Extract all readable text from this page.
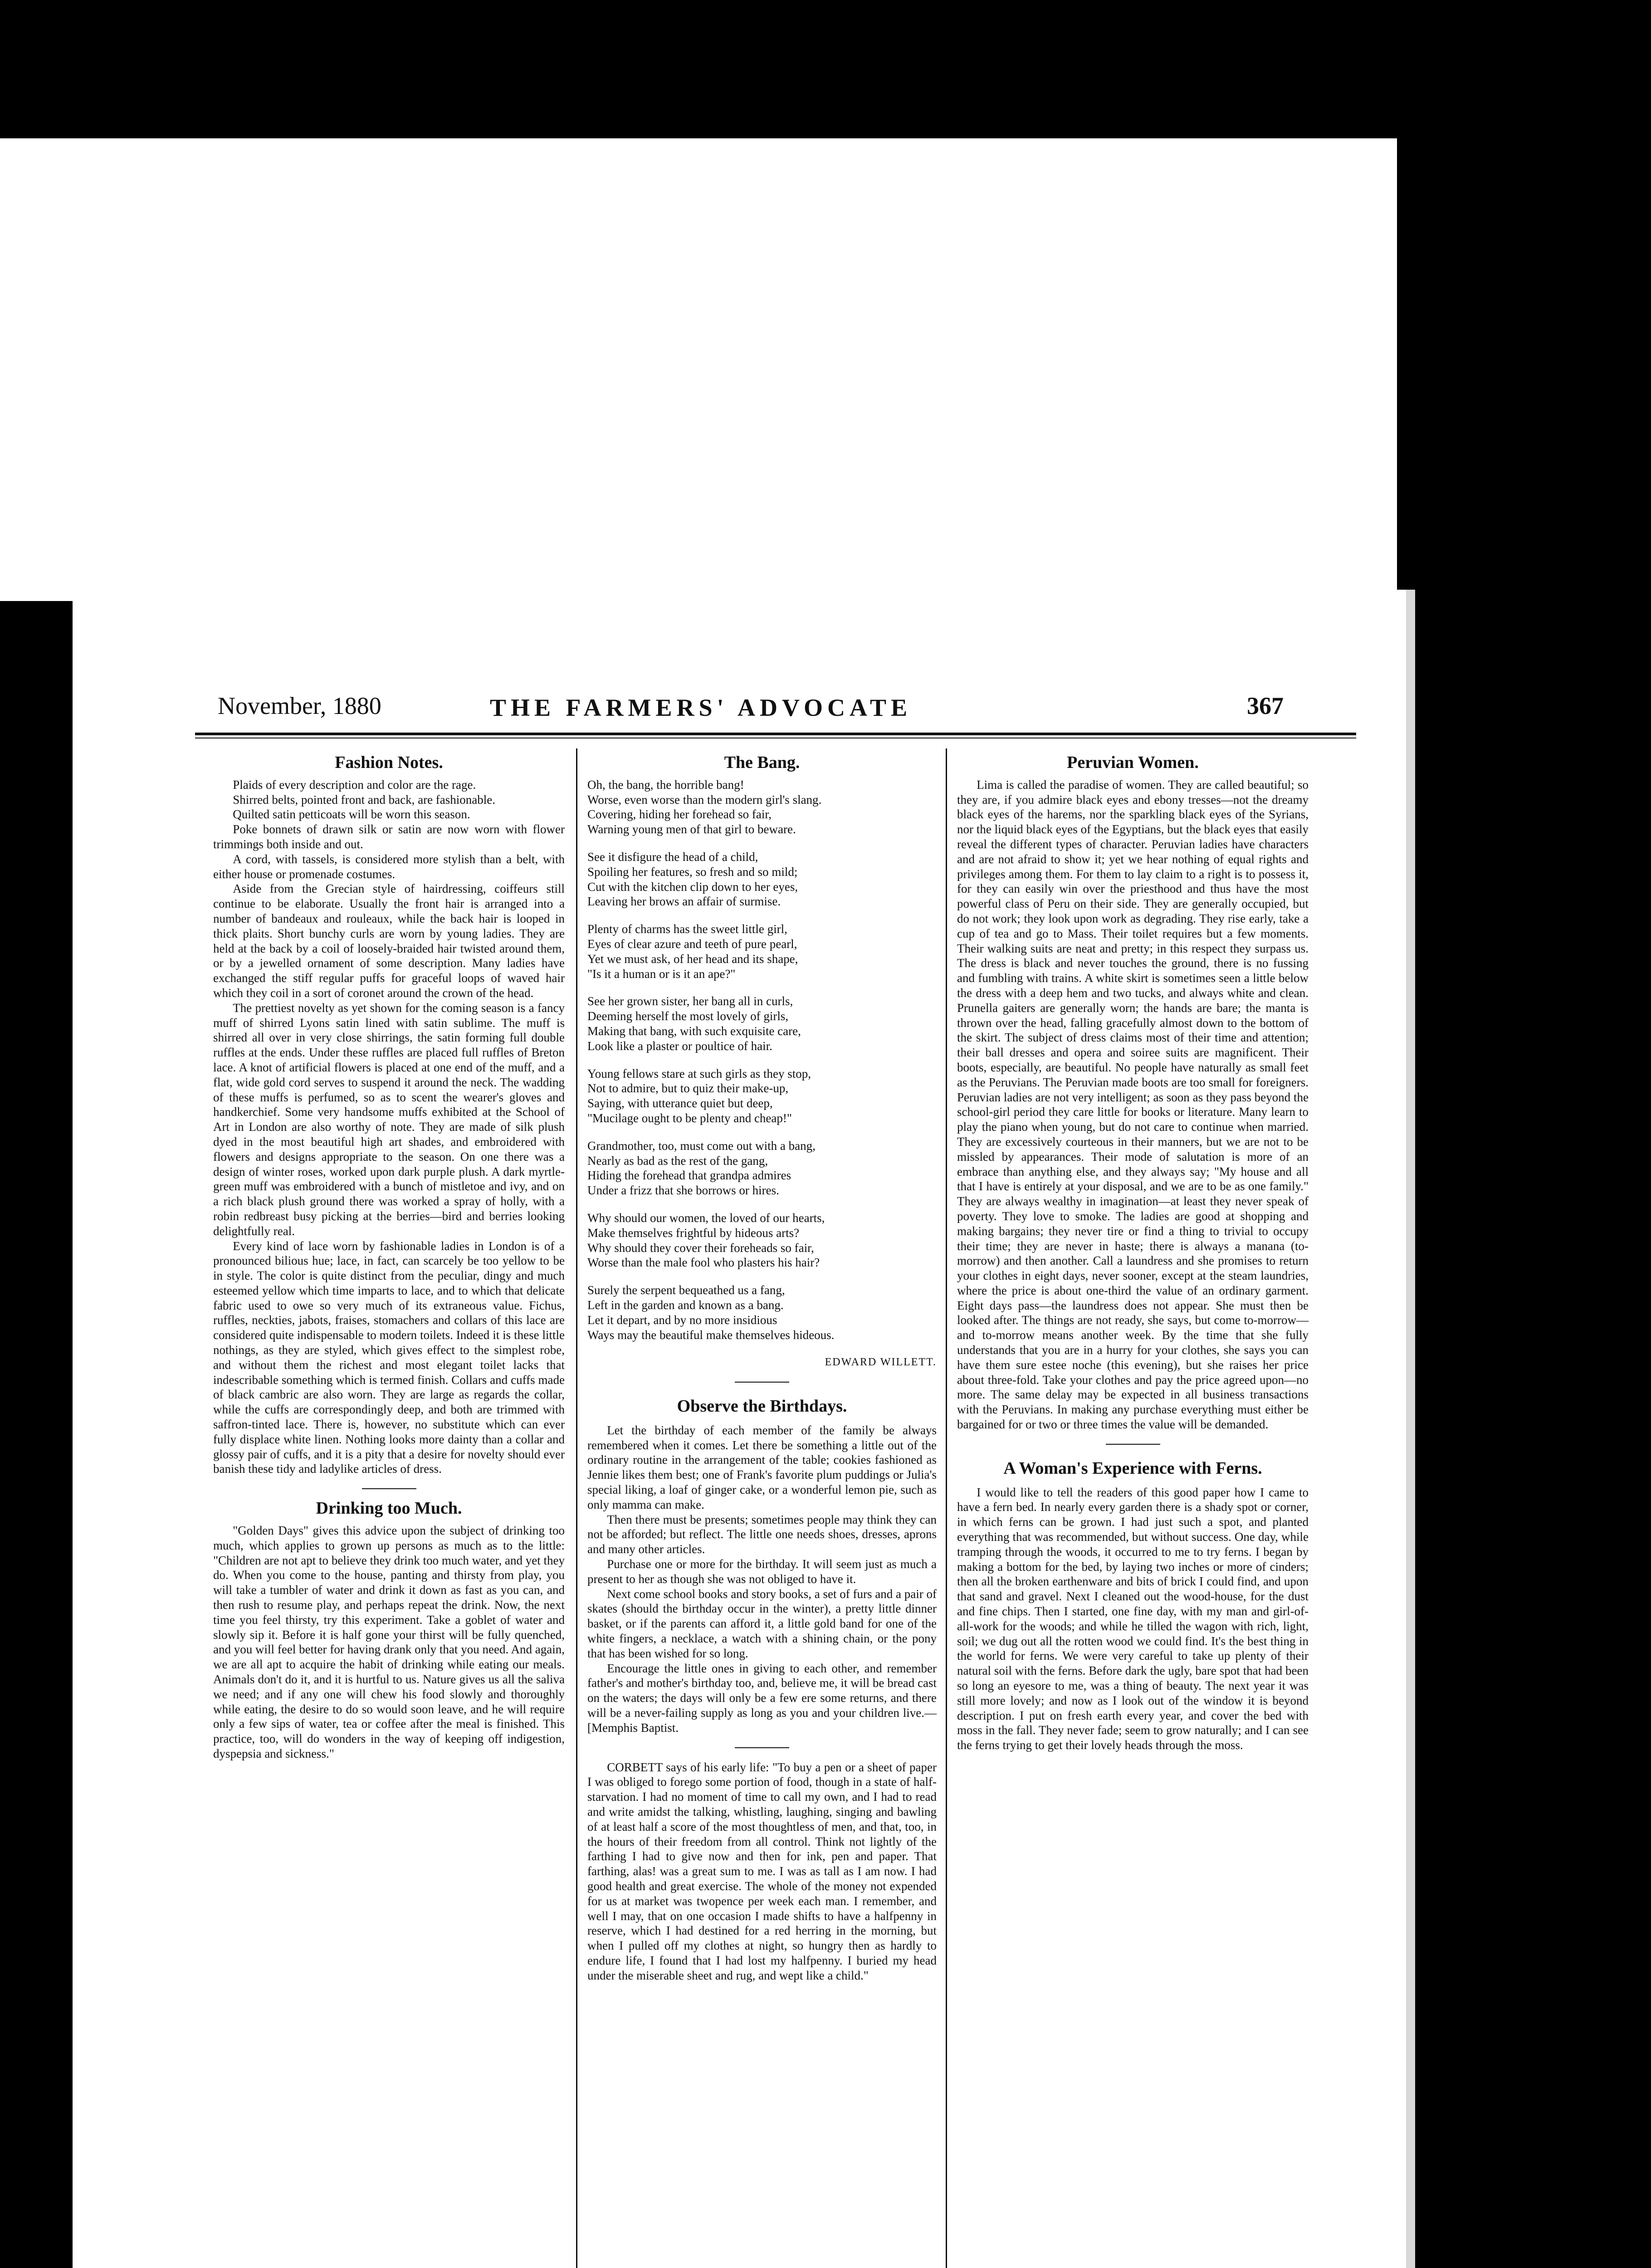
November, 1880	THE FARMERS' ADVOCATE	367
Fashion Notes.

Plaids of every description and color are the rage.

Shirred belts, pointed front and back, are fashionable.

Quilted satin petticoats will be worn this season.

Poke bonnets of drawn silk or satin are now worn with flower trimmings both inside and out.

A cord, with tassels, is considered more stylish than a belt, with either house or promenade costumes.

Aside from the Grecian style of hairdressing, coiffeurs still continue to be elaborate. Usually the front hair is arranged into a number of bandeaux and rouleaux, while the back hair is looped in thick plaits. Short bunchy curls are worn by young ladies. They are held at the back by a coil of loosely-braided hair twisted around them, or by a jewelled ornament of some description. Many ladies have exchanged the stiff regular puffs for graceful loops of waved hair which they coil in a sort of coronet around the crown of the head.

The prettiest novelty as yet shown for the coming season is a fancy muff of shirred Lyons satin lined with satin sublime. The muff is shirred all over in very close shirrings, the satin forming full double ruffles at the ends. Under these ruffles are placed full ruffles of Breton lace. A knot of artificial flowers is placed at one end of the muff, and a flat, wide gold cord serves to suspend it around the neck. The wadding of these muffs is perfumed, so as to scent the wearer's gloves and handkerchief. Some very handsome muffs exhibited at the School of Art in London are also worthy of note. They are made of silk plush dyed in the most beautiful high art shades, and embroidered with flowers and designs appropriate to the season. On one there was a design of winter roses, worked upon dark purple plush. A dark myrtle-green muff was embroidered with a bunch of mistletoe and ivy, and on a rich black plush ground there was worked a spray of holly, with a robin redbreast busy picking at the berries—bird and berries looking delightfully real.

Every kind of lace worn by fashionable ladies in London is of a pronounced bilious hue; lace, in fact, can scarcely be too yellow to be in style. The color is quite distinct from the peculiar, dingy and much esteemed yellow which time imparts to lace, and to which that delicate fabric used to owe so very much of its extraneous value. Fichus, ruffles, neckties, jabots, fraises, stomachers and collars of this lace are considered quite indispensable to modern toilets. Indeed it is these little nothings, as they are styled, which gives effect to the simplest robe, and without them the richest and most elegant toilet lacks that indescribable something which is termed finish. Collars and cuffs made of black cambric are also worn. They are large as regards the collar, while the cuffs are correspondingly deep, and both are trimmed with saffron-tinted lace. There is, however, no substitute which can ever fully displace white linen. Nothing looks more dainty than a collar and glossy pair of cuffs, and it is a pity that a desire for novelty should ever banish these tidy and ladylike articles of dress.

Drinking too Much.

"Golden Days" gives this advice upon the subject of drinking too much, which applies to grown up persons as much as to the little: "Children are not apt to believe they drink too much water, and yet they do. When you come to the house, panting and thirsty from play, you will take a tumbler of water and drink it down as fast as you can, and then rush to resume play, and perhaps repeat the drink. Now, the next time you feel thirsty, try this experiment. Take a goblet of water and slowly sip it. Before it is half gone your thirst will be fully quenched, and you will feel better for having drank only that you need. And again, we are all apt to acquire the habit of drinking while eating our meals. Animals don't do it, and it is hurtful to us. Nature gives us all the saliva we need; and if any one will chew his food slowly and thoroughly while eating, the desire to do so would soon leave, and he will require only a few sips of water, tea or coffee after the meal is finished. This practice, too, will do wonders in the way of keeping off indigestion, dyspepsia and sickness."

The Bang.
Oh, the bang, the horrible bang!
Worse, even worse than the modern girl's slang.
Covering, hiding her forehead so fair,
Warning young men of that girl to beware.
See it disfigure the head of a child,
Spoiling her features, so fresh and so mild;
Cut with the kitchen clip down to her eyes,
Leaving her brows an affair of surmise.
Plenty of charms has the sweet little girl,
Eyes of clear azure and teeth of pure pearl,
Yet we must ask, of her head and its shape,
"Is it a human or is it an ape?"
See her grown sister, her bang all in curls,
Deeming herself the most lovely of girls,
Making that bang, with such exquisite care,
Look like a plaster or poultice of hair.
Young fellows stare at such girls as they stop,
Not to admire, but to quiz their make-up,
Saying, with utterance quiet but deep,
"Mucilage ought to be plenty and cheap!"
Grandmother, too, must come out with a bang,
Nearly as bad as the rest of the gang,
Hiding the forehead that grandpa admires
Under a frizz that she borrows or hires.
Why should our women, the loved of our hearts,
Make themselves frightful by hideous arts?
Why should they cover their foreheads so fair,
Worse than the male fool who plasters his hair?
Surely the serpent bequeathed us a fang,
Left in the garden and known as a bang.
Let it depart, and by no more insidious
Ways may the beautiful make themselves hideous.
EDWARD WILLETT.
Observe the Birthdays.

Let the birthday of each member of the family be always remembered when it comes. Let there be something a little out of the ordinary routine in the arrangement of the table; cookies fashioned as Jennie likes them best; one of Frank's favorite plum puddings or Julia's special liking, a loaf of ginger cake, or a wonderful lemon pie, such as only mamma can make.

Then there must be presents; sometimes people may think they can not be afforded; but reflect. The little one needs shoes, dresses, aprons and many other articles.

Purchase one or more for the birthday. It will seem just as much a present to her as though she was not obliged to have it.

Next come school books and story books, a set of furs and a pair of skates (should the birthday occur in the winter), a pretty little dinner basket, or if the parents can afford it, a little gold band for one of the white fingers, a necklace, a watch with a shining chain, or the pony that has been wished for so long.

Encourage the little ones in giving to each other, and remember father's and mother's birthday too, and, believe me, it will be bread cast on the waters; the days will only be a few ere some returns, and there will be a never-failing supply as long as you and your children live.—[Memphis Baptist.

CORBETT says of his early life: "To buy a pen or a sheet of paper I was obliged to forego some portion of food, though in a state of half-starvation. I had no moment of time to call my own, and I had to read and write amidst the talking, whistling, laughing, singing and bawling of at least half a score of the most thoughtless of men, and that, too, in the hours of their freedom from all control. Think not lightly of the farthing I had to give now and then for ink, pen and paper. That farthing, alas! was a great sum to me. I was as tall as I am now. I had good health and great exercise. The whole of the money not expended for us at market was twopence per week each man. I remember, and well I may, that on one occasion I made shifts to have a halfpenny in reserve, which I had destined for a red herring in the morning, but when I pulled off my clothes at night, so hungry then as hardly to endure life, I found that I had lost my halfpenny. I buried my head under the miserable sheet and rug, and wept like a child."

Peruvian Women.

Lima is called the paradise of women. They are called beautiful; so they are, if you admire black eyes and ebony tresses—not the dreamy black eyes of the harems, nor the sparkling black eyes of the Syrians, nor the liquid black eyes of the Egyptians, but the black eyes that easily reveal the different types of character. Peruvian ladies have characters and are not afraid to show it; yet we hear nothing of equal rights and privileges among them. For them to lay claim to a right is to possess it, for they can easily win over the priesthood and thus have the most powerful class of Peru on their side. They are generally occupied, but do not work; they look upon work as degrading. They rise early, take a cup of tea and go to Mass. Their toilet requires but a few moments. Their walking suits are neat and pretty; in this respect they surpass us. The dress is black and never touches the ground, there is no fussing and fumbling with trains. A white skirt is sometimes seen a little below the dress with a deep hem and two tucks, and always white and clean. Prunella gaiters are generally worn; the hands are bare; the manta is thrown over the head, falling gracefully almost down to the bottom of the skirt. The subject of dress claims most of their time and attention; their ball dresses and opera and soiree suits are magnificent. Their boots, especially, are beautiful. No people have naturally as small feet as the Peruvians. The Peruvian made boots are too small for foreigners. Peruvian ladies are not very intelligent; as soon as they pass beyond the school-girl period they care little for books or literature. Many learn to play the piano when young, but do not care to continue when married. They are excessively courteous in their manners, but we are not to be missled by appearances. Their mode of salutation is more of an embrace than anything else, and they always say; "My house and all that I have is entirely at your disposal, and we are to be as one family." They are always wealthy in imagination—at least they never speak of poverty. They love to smoke. The ladies are good at shopping and making bargains; they never tire or find a thing to trivial to occupy their time; they are never in haste; there is always a manana (to-morrow) and then another. Call a laundress and she promises to return your clothes in eight days, never sooner, except at the steam laundries, where the price is about one-third the value of an ordinary garment. Eight days pass—the laundress does not appear. She must then be looked after. The things are not ready, she says, but come to-morrow—and to-morrow means another week. By the time that she fully understands that you are in a hurry for your clothes, she says you can have them sure estee noche (this evening), but she raises her price about three-fold. Take your clothes and pay the price agreed upon—no more. The same delay may be expected in all business transactions with the Peruvians. In making any purchase everything must either be bargained for or two or three times the value will be demanded.

A Woman's Experience with Ferns.

I would like to tell the readers of this good paper how I came to have a fern bed. In nearly every garden there is a shady spot or corner, in which ferns can be grown. I had just such a spot, and planted everything that was recommended, but without success. One day, while tramping through the woods, it occurred to me to try ferns. I began by making a bottom for the bed, by laying two inches or more of cinders; then all the broken earthenware and bits of brick I could find, and upon that sand and gravel. Next I cleaned out the wood-house, for the dust and fine chips. Then I started, one fine day, with my man and girl-of-all-work for the woods; and while he tilled the wagon with rich, light, soil; we dug out all the rotten wood we could find. It's the best thing in the world for ferns. We were very careful to take up plenty of their natural soil with the ferns. Before dark the ugly, bare spot that had been so long an eyesore to me, was a thing of beauty. The next year it was still more lovely; and now as I look out of the window it is beyond description. I put on fresh earth every year, and cover the bed with moss in the fall. They never fade; seem to grow naturally; and I can see the ferns trying to get their lovely heads through the moss.
